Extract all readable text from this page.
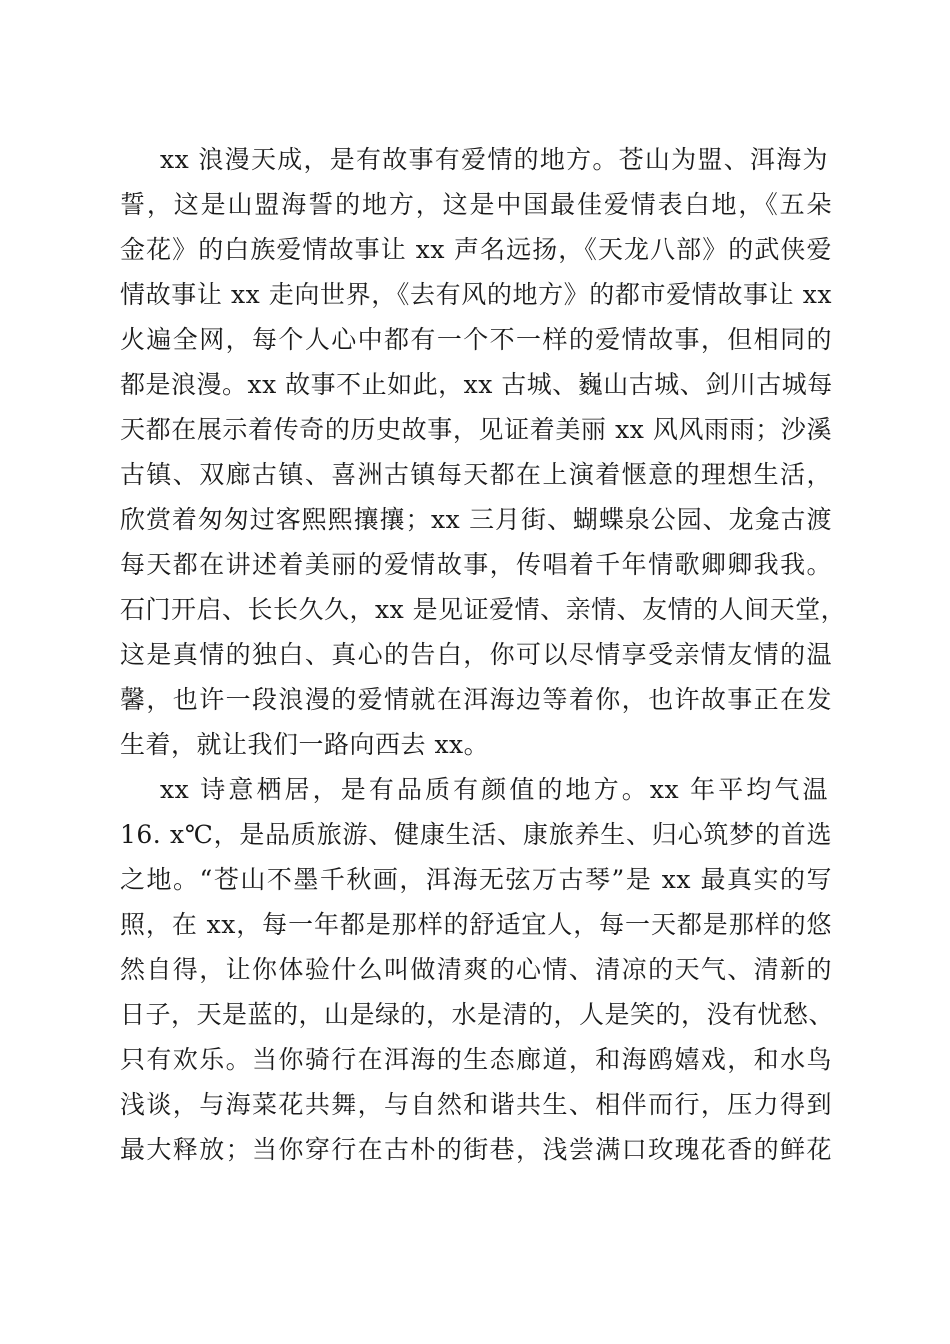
xx 浪漫天成，是有故事有爱情的地方。苍山为盟、洱海为
誓，这是山盟海誓的地方，这是中国最佳爱情表白地，《五朵
金花》的白族爱情故事让 xx 声名远扬，《天龙八部》的武侠爱
情故事让 xx 走向世界，《去有风的地方》的都市爱情故事让 xx
火遍全网，每个人心中都有一个不一样的爱情故事，但相同的
都是浪漫。xx 故事不止如此，xx 古城、巍山古城、剑川古城每
天都在展示着传奇的历史故事，见证着美丽 xx 风风雨雨；沙溪
古镇、双廊古镇、喜洲古镇每天都在上演着惬意的理想生活，
欣赏着匆匆过客熙熙攘攘；xx 三月街、蝴蝶泉公园、龙龛古渡
每天都在讲述着美丽的爱情故事，传唱着千年情歌卿卿我我。
石门开启、长长久久，xx 是见证爱情、亲情、友情的人间天堂，
这是真情的独白、真心的告白，你可以尽情享受亲情友情的温
馨，也许一段浪漫的爱情就在洱海边等着你，也许故事正在发
生着，就让我们一路向西去 xx。
xx 诗意栖居，是有品质有颜值的地方。xx 年平均气温
16. x℃，是品质旅游、健康生活、康旅养生、归心筑梦的首选
之地。“苍山不墨千秋画，洱海无弦万古琴”是 xx 最真实的写
照，在 xx，每一年都是那样的舒适宜人，每一天都是那样的悠
然自得，让你体验什么叫做清爽的心情、清凉的天气、清新的
日子，天是蓝的，山是绿的，水是清的，人是笑的，没有忧愁、
只有欢乐。当你骑行在洱海的生态廊道，和海鸥嬉戏，和水鸟
浅谈，与海菜花共舞，与自然和谐共生、相伴而行，压力得到
最大释放；当你穿行在古朴的街巷，浅尝满口玫瑰花香的鲜花
